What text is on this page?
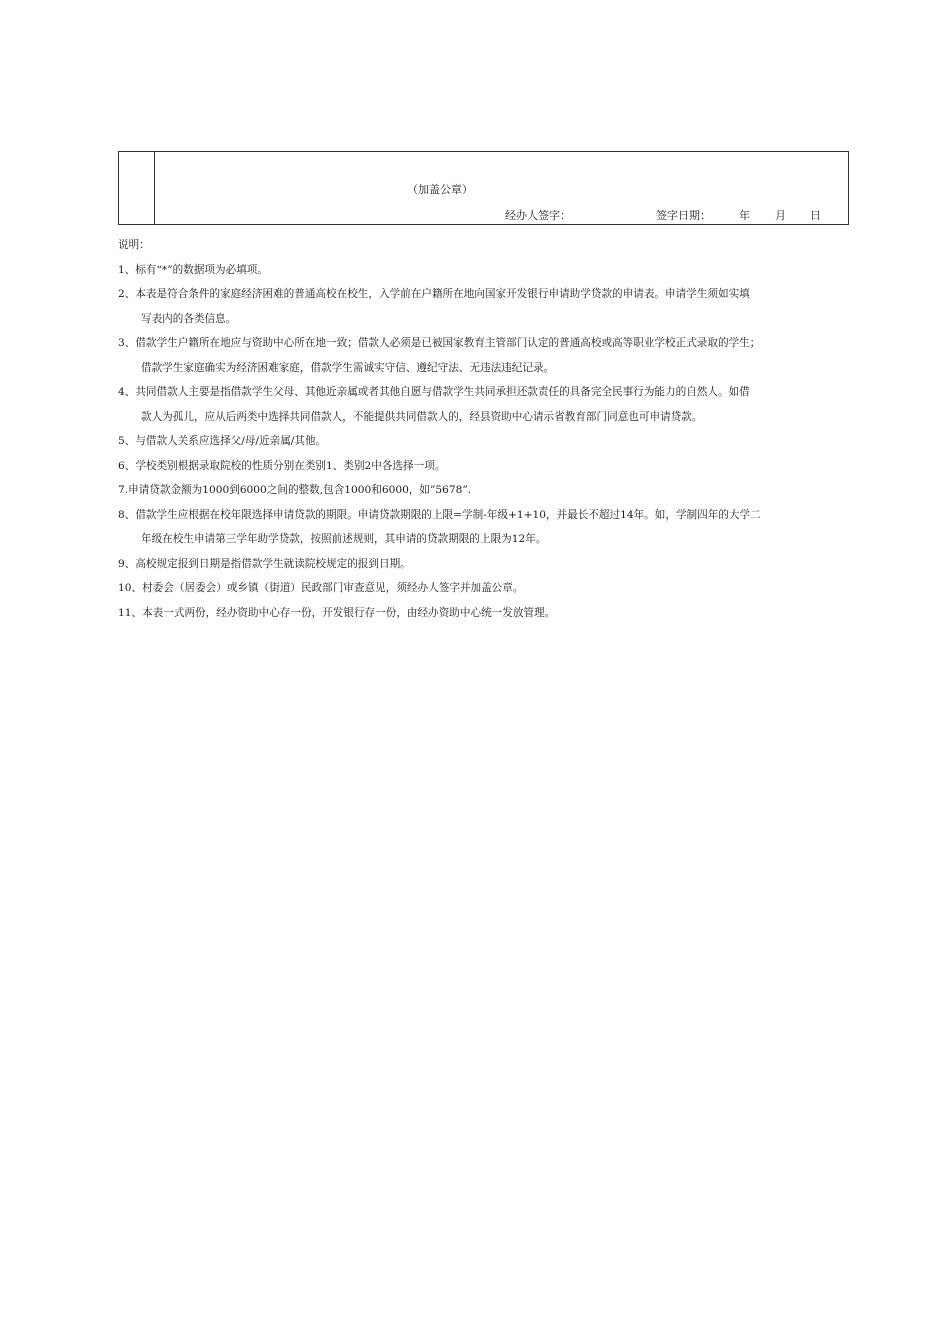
（加盖公章）
经办人签字：	签字日期：	年 月 日
说明：
1、标有“*”的数据项为必填项。
2、本表是符合条件的家庭经济困难的普通高校在校生，入学前在户籍所在地向国家开发银行申请助学贷款的申请表。申请学生须如实填
写表内的各类信息。
3、借款学生户籍所在地应与资助中心所在地一致；借款人必须是已被国家教育主管部门认定的普通高校或高等职业学校正式录取的学生；
借款学生家庭确实为经济困难家庭，借款学生需诚实守信、遵纪守法、无违法违纪记录。
4、共同借款人主要是指借款学生父母、其他近亲属或者其他自愿与借款学生共同承担还款责任的具备完全民事行为能力的自然人。如借
款人为孤儿，应从后两类中选择共同借款人，不能提供共同借款人的，经县资助中心请示省教育部门同意也可申请贷款。
5、与借款人关系应选择父/母/近亲属/其他。
6、学校类别根据录取院校的性质分别在类别1、类别2中各选择一项。
7.申请贷款金额为1000到6000之间的整数,包含1000和6000，如”5678”.
8、借款学生应根据在校年限选择申请贷款的期限。申请贷款期限的上限=学制-年级+1+10，并最长不超过14年。如，学制四年的大学二
年级在校生申请第三学年助学贷款，按照前述规则，其申请的贷款期限的上限为12年。
9、高校规定报到日期是指借款学生就读院校规定的报到日期。
10、村委会（居委会）或乡镇（街道）民政部门审查意见，须经办人签字并加盖公章。
11、本表一式两份，经办资助中心存一份，开发银行存一份，由经办资助中心统一发放管理。
